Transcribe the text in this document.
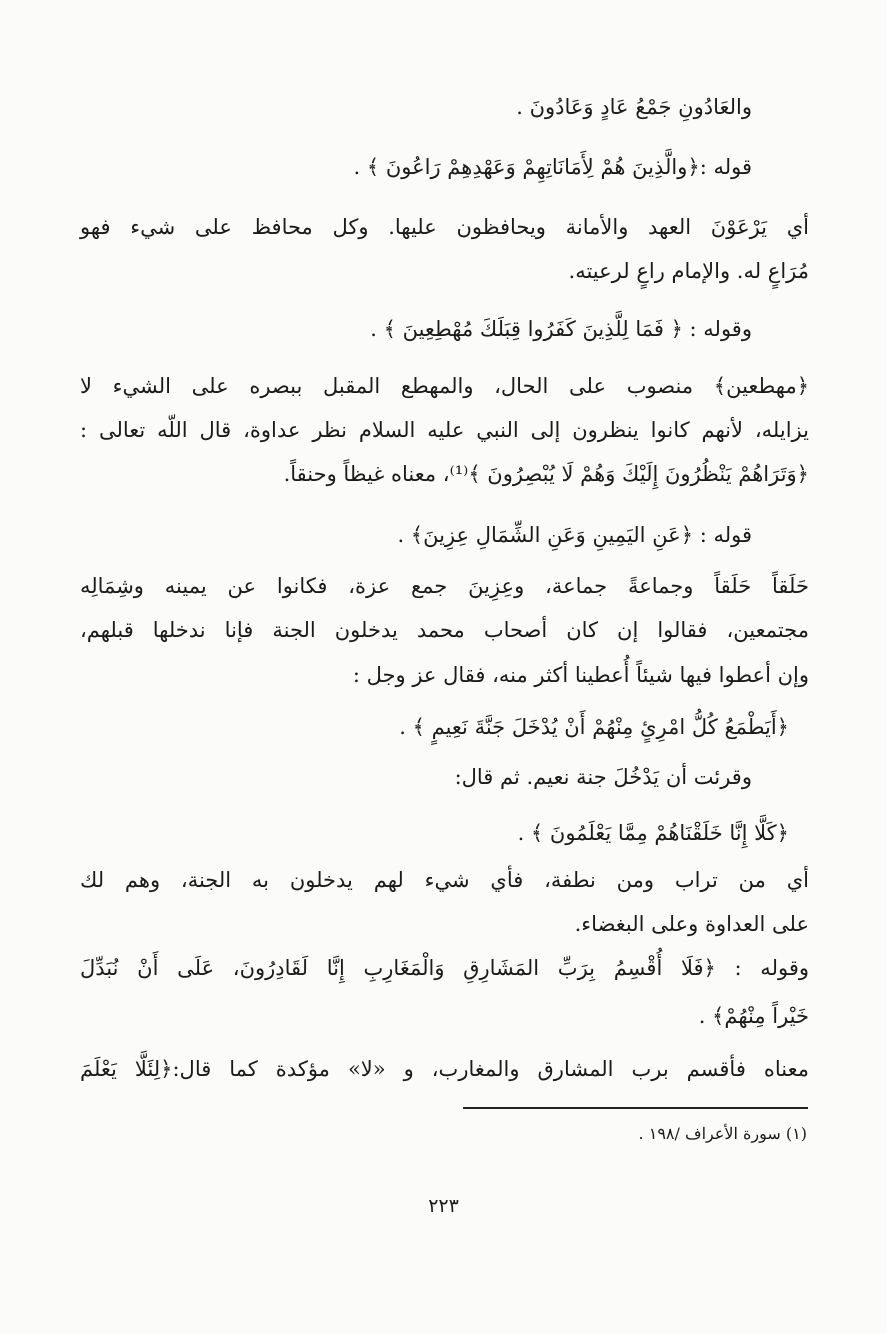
والعَادُونِ جَمْعُ عَادٍ وَعَادُونَ .
قوله :﴿والَّذِينَ هُمْ لِأَمَانَاتِهِمْ وَعَهْدِهِمْ رَاعُونَ ﴾ .
أي يَرْعَوْنَ العهد والأمانة ويحافظون عليها. وكل محافظ على شيء فهو
مُرَاعٍ له. والإمام راعٍ لرعيته.
وقوله : ﴿ فَمَا لِلَّذِينَ كَفَرُوا قِبَلَكَ مُهْطِعِينَ ﴾ .
﴿مهطعين﴾ منصوب على الحال، والمهطع المقبل ببصره على الشيء لا
يزايله، لأنهم كانوا ينظرون إلى النبي عليه السلام نظر عداوة، قال اللّه تعالى :
﴿وَتَرَاهُمْ يَنْظُرُونَ إِلَيْكَ وَهُمْ لَا يُبْصِرُونَ ﴾⁽¹⁾، معناه غيظاً وحنقاً.
قوله : ﴿عَنِ اليَمِينِ وَعَنِ الشِّمَالِ عِزِينَ﴾ .
حَلَقاً حَلَقاً وجماعةً جماعة، وعِزِينَ جمع عزة، فكانوا عن يمينه وشِمَالِه
مجتمعين، فقالوا إن كان أصحاب محمد يدخلون الجنة فإنا ندخلها قبلهم،
وإن أعطوا فيها شيئاً أُعطينا أكثر منه، فقال عز وجل :
﴿أَيَطْمَعُ كُلُّ امْرِئٍ مِنْهُمْ أَنْ يُدْخَلَ جَنَّةَ نَعِيمٍ ﴾ .
وقرئت أن يَدْخُلَ جنة نعيم. ثم قال:
﴿كَلَّا إِنَّا خَلَقْنَاهُمْ مِمَّا يَعْلَمُونَ ﴾ .
أي من تراب ومن نطفة، فأي شيء لهم يدخلون به الجنة، وهم لك
على العداوة وعلى البغضاء.
وقوله : ﴿فَلَا أُقْسِمُ بِرَبِّ المَشَارِقِ وَالْمَغَارِبِ إِنَّا لَقَادِرُونَ، عَلَى أَنْ نُبَدِّلَ
خَيْراً مِنْهُمْ﴾ .
معناه فأقسم برب المشارق والمغارب، و «لا» مؤكدة كما قال:﴿لِئَلَّا يَعْلَمَ
(١) سورة الأعراف /١٩٨ .
٢٢٣
